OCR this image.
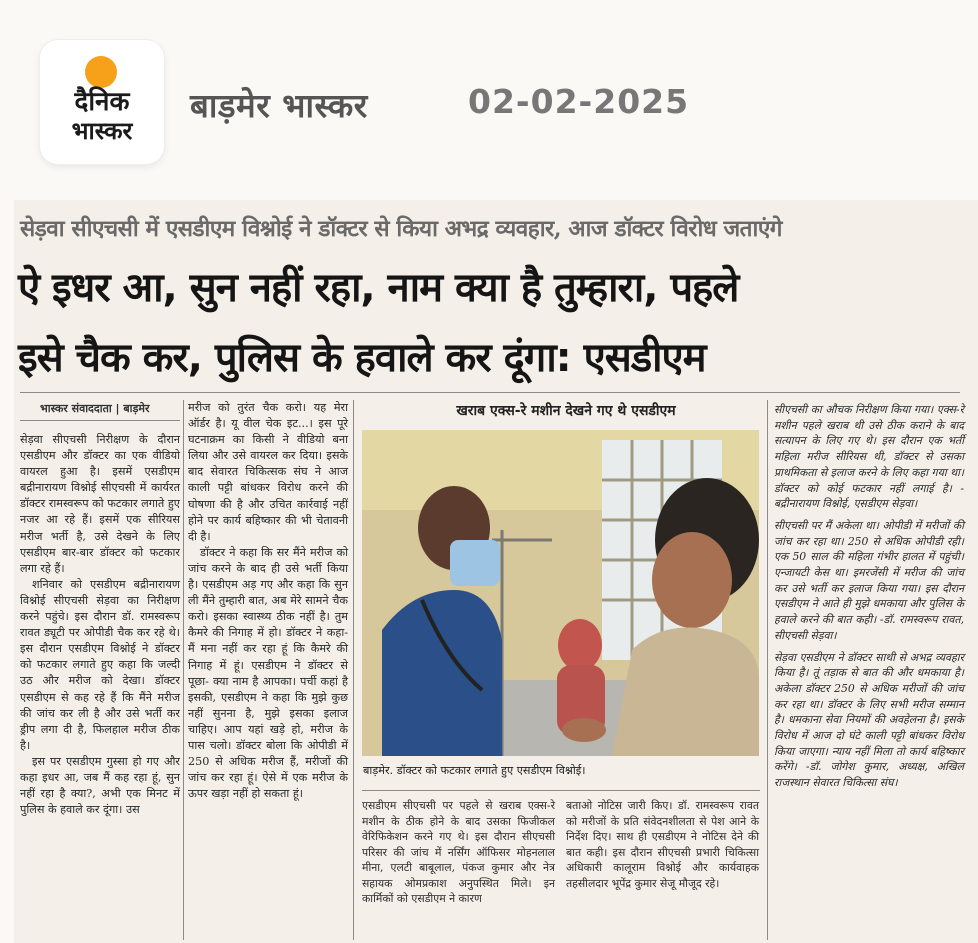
दैनिक
भास्कर
बाड़मेर भास्कर	02-02-2025
सेड़वा सीएचसी में एसडीएम विश्नोई ने डॉक्टर से किया अभद्र व्यवहार, आज डॉक्टर विरोध जताएंगे
ऐ इधर आ, सुन नहीं रहा, नाम क्या है तुम्हारा, पहले
इसे चैक कर, पुलिस के हवाले कर दूंगा: एसडीएम
भास्कर संवाददाता | बाड़मेर

सेड़वा सीएचसी निरीक्षण के दौरान एसडीएम और डॉक्टर का एक वीडियो वायरल हुआ है। इसमें एसडीएम बद्रीनारायण विश्नोई सीएचसी में कार्यरत डॉक्टर रामस्वरूप को फटकार लगाते हुए नजर आ रहे हैं। इसमें एक सीरियस मरीज भर्ती है, उसे देखने के लिए एसडीएम बार-बार डॉक्टर को फटकार लगा रहे हैं।

शनिवार को एसडीएम बद्रीनारायण विश्नोई सीएचसी सेड़वा का निरीक्षण करने पहुंचे। इस दौरान डॉ. रामस्वरूप रावत ड्यूटी पर ओपीडी चैक कर रहे थे। इस दौरान एसडीएम विश्नोई ने डॉक्टर को फटकार लगाते हुए कहा कि जल्दी उठ और मरीज को देखा। डॉक्टर एसडीएम से कह रहे हैं कि मैंने मरीज की जांच कर ली है और उसे भर्ती कर ड्रीप लगा दी है, फिलहाल मरीज ठीक है।

इस पर एसडीएम गुस्सा हो गए और कहा इधर आ, जब मैं कह रहा हूं, सुन नहीं रहा है क्या?, अभी एक मिनट में पुलिस के हवाले कर दूंगा। उस

मरीज को तुरंत चैक करो। यह मेरा ऑर्डर है। यू वील चेक इट...। इस पूरे घटनाक्रम का किसी ने वीडियो बना लिया और उसे वायरल कर दिया। इसके बाद सेवारत चिकित्सक संघ ने आज काली पट्टी बांधकर विरोध करने की घोषणा की है और उचित कार्रवाई नहीं होने पर कार्य बहिष्कार की भी चेतावनी दी है।

डॉक्टर ने कहा कि सर मैंने मरीज को जांच करने के बाद ही उसे भर्ती किया है। एसडीएम अड़ गए और कहा कि सुन ली मैंने तुम्हारी बात, अब मेरे सामने चैक करो। इसका स्वास्थ्य ठीक नहीं है। तुम कैमरे की निगाह में हो। डॉक्टर ने कहा- मैं मना नहीं कर रहा हूं कि कैमरे की निगाह में हूं। एसडीएम ने डॉक्टर से पूछा- क्या नाम है आपका। पर्ची कहां है इसकी, एसडीएम ने कहा कि मुझे कुछ नहीं सुनना है, मुझे इसका इलाज चाहिए। आप यहां खड़े हो, मरीज के पास चलो। डॉक्टर बोला कि ओपीडी में 250 से अधिक मरीज हैं, मरीजों की जांच कर रहा हूं। ऐसे में एक मरीज के ऊपर खड़ा नहीं हो सकता हूं।

खराब एक्स-रे मशीन देखने गए थे एसडीएम
बाड़मेर. डॉक्टर को फटकार लगाते हुए एसडीएम विश्नोई।

एसडीएम सीएचसी पर पहले से खराब एक्स-रे मशीन के ठीक होने के बाद उसका फिजीकल वेरिफिकेशन करने गए थे। इस दौरान सीएचसी परिसर की जांच में नर्सिंग ऑफिसर मोहनलाल मीना, एलटी बाबूलाल, पंकज कुमार और नेत्र सहायक ओमप्रकाश अनुपस्थित मिले। इन कार्मिकों को एसडीएम ने कारण

बताओ नोटिस जारी किए। डॉ. रामस्वरूप रावत को मरीजों के प्रति संवेदनशीलता से पेश आने के निर्देश दिए। साथ ही एसडीएम ने नोटिस देने की बात कही। इस दौरान सीएचसी प्रभारी चिकित्सा अधिकारी कालूराम विश्नोई और कार्यवाहक तहसीलदार भूपेंद्र कुमार सेजू मौजूद रहे।

सीएचसी का औचक निरीक्षण किया गया। एक्स-रे मशीन पहले खराब थी उसे ठीक कराने के बाद सत्यापन के लिए गए थे। इस दौरान एक भर्ती महिला मरीज सीरियस थी, डॉक्टर से उसका प्राथमिकता से इलाज करने के लिए कहा गया था। डॉक्टर को कोई फटकार नहीं लगाई है। - बद्रीनारायण विश्नोई, एसडीएम सेड़वा।

सीएचसी पर मैं अकेला था। ओपीडी में मरीजों की जांच कर रहा था। 250 से अधिक ओपीडी रही। एक 50 साल की महिला गंभीर हालत में पहुंची। एन्जायटी केस था। इमरजेंसी में मरीज की जांच कर उसे भर्ती कर इलाज किया गया। इस दौरान एसडीएम ने आते ही मुझे धमकाया और पुलिस के हवाले करने की बात कही। -डॉ. रामस्वरूप रावत, सीएचसी सेड़वा।

सेड़वा एसडीएम ने डॉक्टर साथी से अभद्र व्यवहार किया है। तूं तड़ाक से बात की और धमकाया है। अकेला डॉक्टर 250 से अधिक मरीजों की जांच कर रहा था। डॉक्टर के लिए सभी मरीज सम्मान है। धमकाना सेवा नियमों की अवहेलना है। इसके विरोध में आज दो घंटे काली पट्टी बांधकर विरोध किया जाएगा। न्याय नहीं मिला तो कार्य बहिष्कार करेंगे। -डॉ. जोगेश कुमार, अध्यक्ष, अखिल राजस्थान सेवारत चिकित्सा संघ।
